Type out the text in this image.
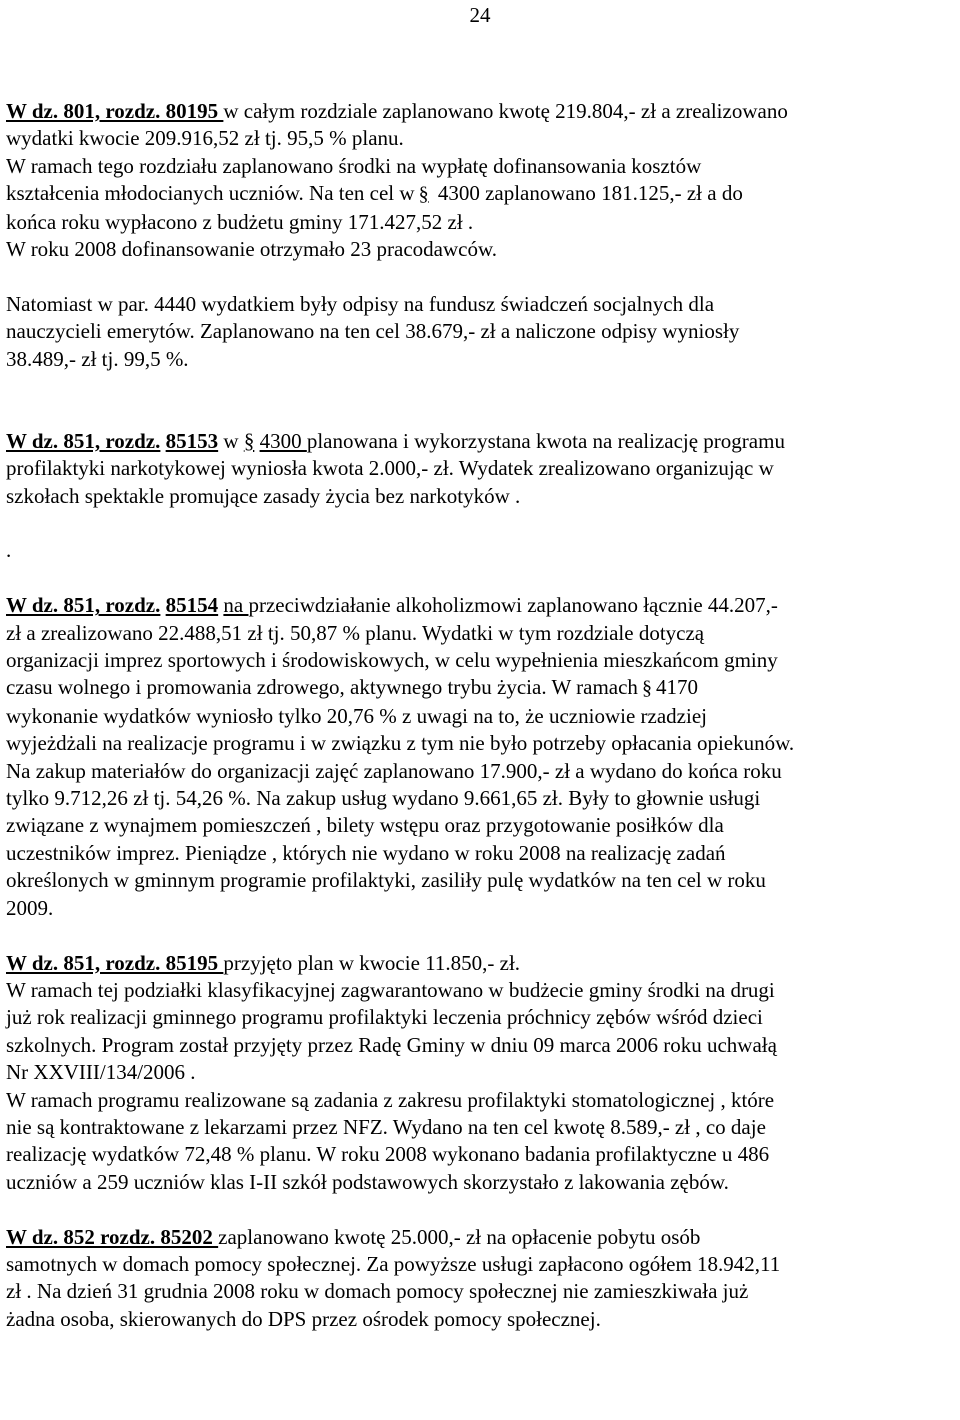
24

W dz. 801, rozdz. 80195 w całym rozdziale zaplanowano kwotę 219.804,- zł a zrealizowano

wydatki kwocie 209.916,52 zł tj. 95,5 % planu.

W ramach tego rozdziału zaplanowano środki na wypłatę dofinansowania kosztów

kształcenia młodocianych uczniów. Na ten cel w § 4300 zaplanowano 181.125,- zł a do

końca roku wypłacono z budżetu gminy 171.427,52 zł .

W roku 2008 dofinansowanie otrzymało 23 pracodawców.

Natomiast w par. 4440 wydatkiem były odpisy na fundusz świadczeń socjalnych dla

nauczycieli emerytów. Zaplanowano na ten cel 38.679,- zł a naliczone odpisy wyniosły

38.489,- zł tj. 99,5 %.

W dz. 851, rozdz. 85153 w § 4300 planowana i wykorzystana kwota na realizację programu

profilaktyki narkotykowej wyniosła kwota 2.000,- zł. Wydatek zrealizowano organizując w

szkołach spektakle promujące zasady życia bez narkotyków .

.

W dz. 851, rozdz. 85154 na przeciwdziałanie alkoholizmowi zaplanowano łącznie 44.207,-

zł a zrealizowano 22.488,51 zł tj. 50,87 % planu. Wydatki w tym rozdziale dotyczą

organizacji imprez sportowych i środowiskowych, w celu wypełnienia mieszkańcom gminy

czasu wolnego i promowania zdrowego, aktywnego trybu życia. W ramach § 4170

wykonanie wydatków wyniosło tylko 20,76 % z uwagi na to, że uczniowie rzadziej

wyjeżdżali na realizacje programu i w związku z tym nie było potrzeby opłacania opiekunów.

Na zakup materiałów do organizacji zajęć zaplanowano 17.900,- zł a wydano do końca roku

tylko 9.712,26 zł tj. 54,26 %. Na zakup usług wydano 9.661,65 zł. Były to głownie usługi

związane z wynajmem pomieszczeń , bilety wstępu oraz przygotowanie posiłków dla

uczestników imprez. Pieniądze , których nie wydano w roku 2008 na realizację zadań

określonych w gminnym programie profilaktyki, zasiliły pulę wydatków na ten cel w roku

2009.

W dz. 851, rozdz. 85195 przyjęto plan w kwocie 11.850,- zł.

W ramach tej podziałki klasyfikacyjnej zagwarantowano w budżecie gminy środki na drugi

już rok realizacji gminnego programu profilaktyki leczenia próchnicy zębów wśród dzieci

szkolnych. Program został przyjęty przez Radę Gminy w dniu 09 marca 2006 roku uchwałą

Nr XXVIII/134/2006 .

W ramach programu realizowane są zadania z zakresu profilaktyki stomatologicznej , które

nie są kontraktowane z lekarzami przez NFZ. Wydano na ten cel kwotę 8.589,- zł , co daje

realizację wydatków 72,48 % planu. W roku 2008 wykonano badania profilaktyczne u 486

uczniów a 259 uczniów klas I-II szkół podstawowych skorzystało z lakowania zębów.

W dz. 852 rozdz. 85202 zaplanowano kwotę 25.000,- zł na opłacenie pobytu osób

samotnych w domach pomocy społecznej. Za powyższe usługi zapłacono ogółem 18.942,11

zł . Na dzień 31 grudnia 2008 roku w domach pomocy społecznej nie zamieszkiwała już

żadna osoba, skierowanych do DPS przez ośrodek pomocy społecznej.
